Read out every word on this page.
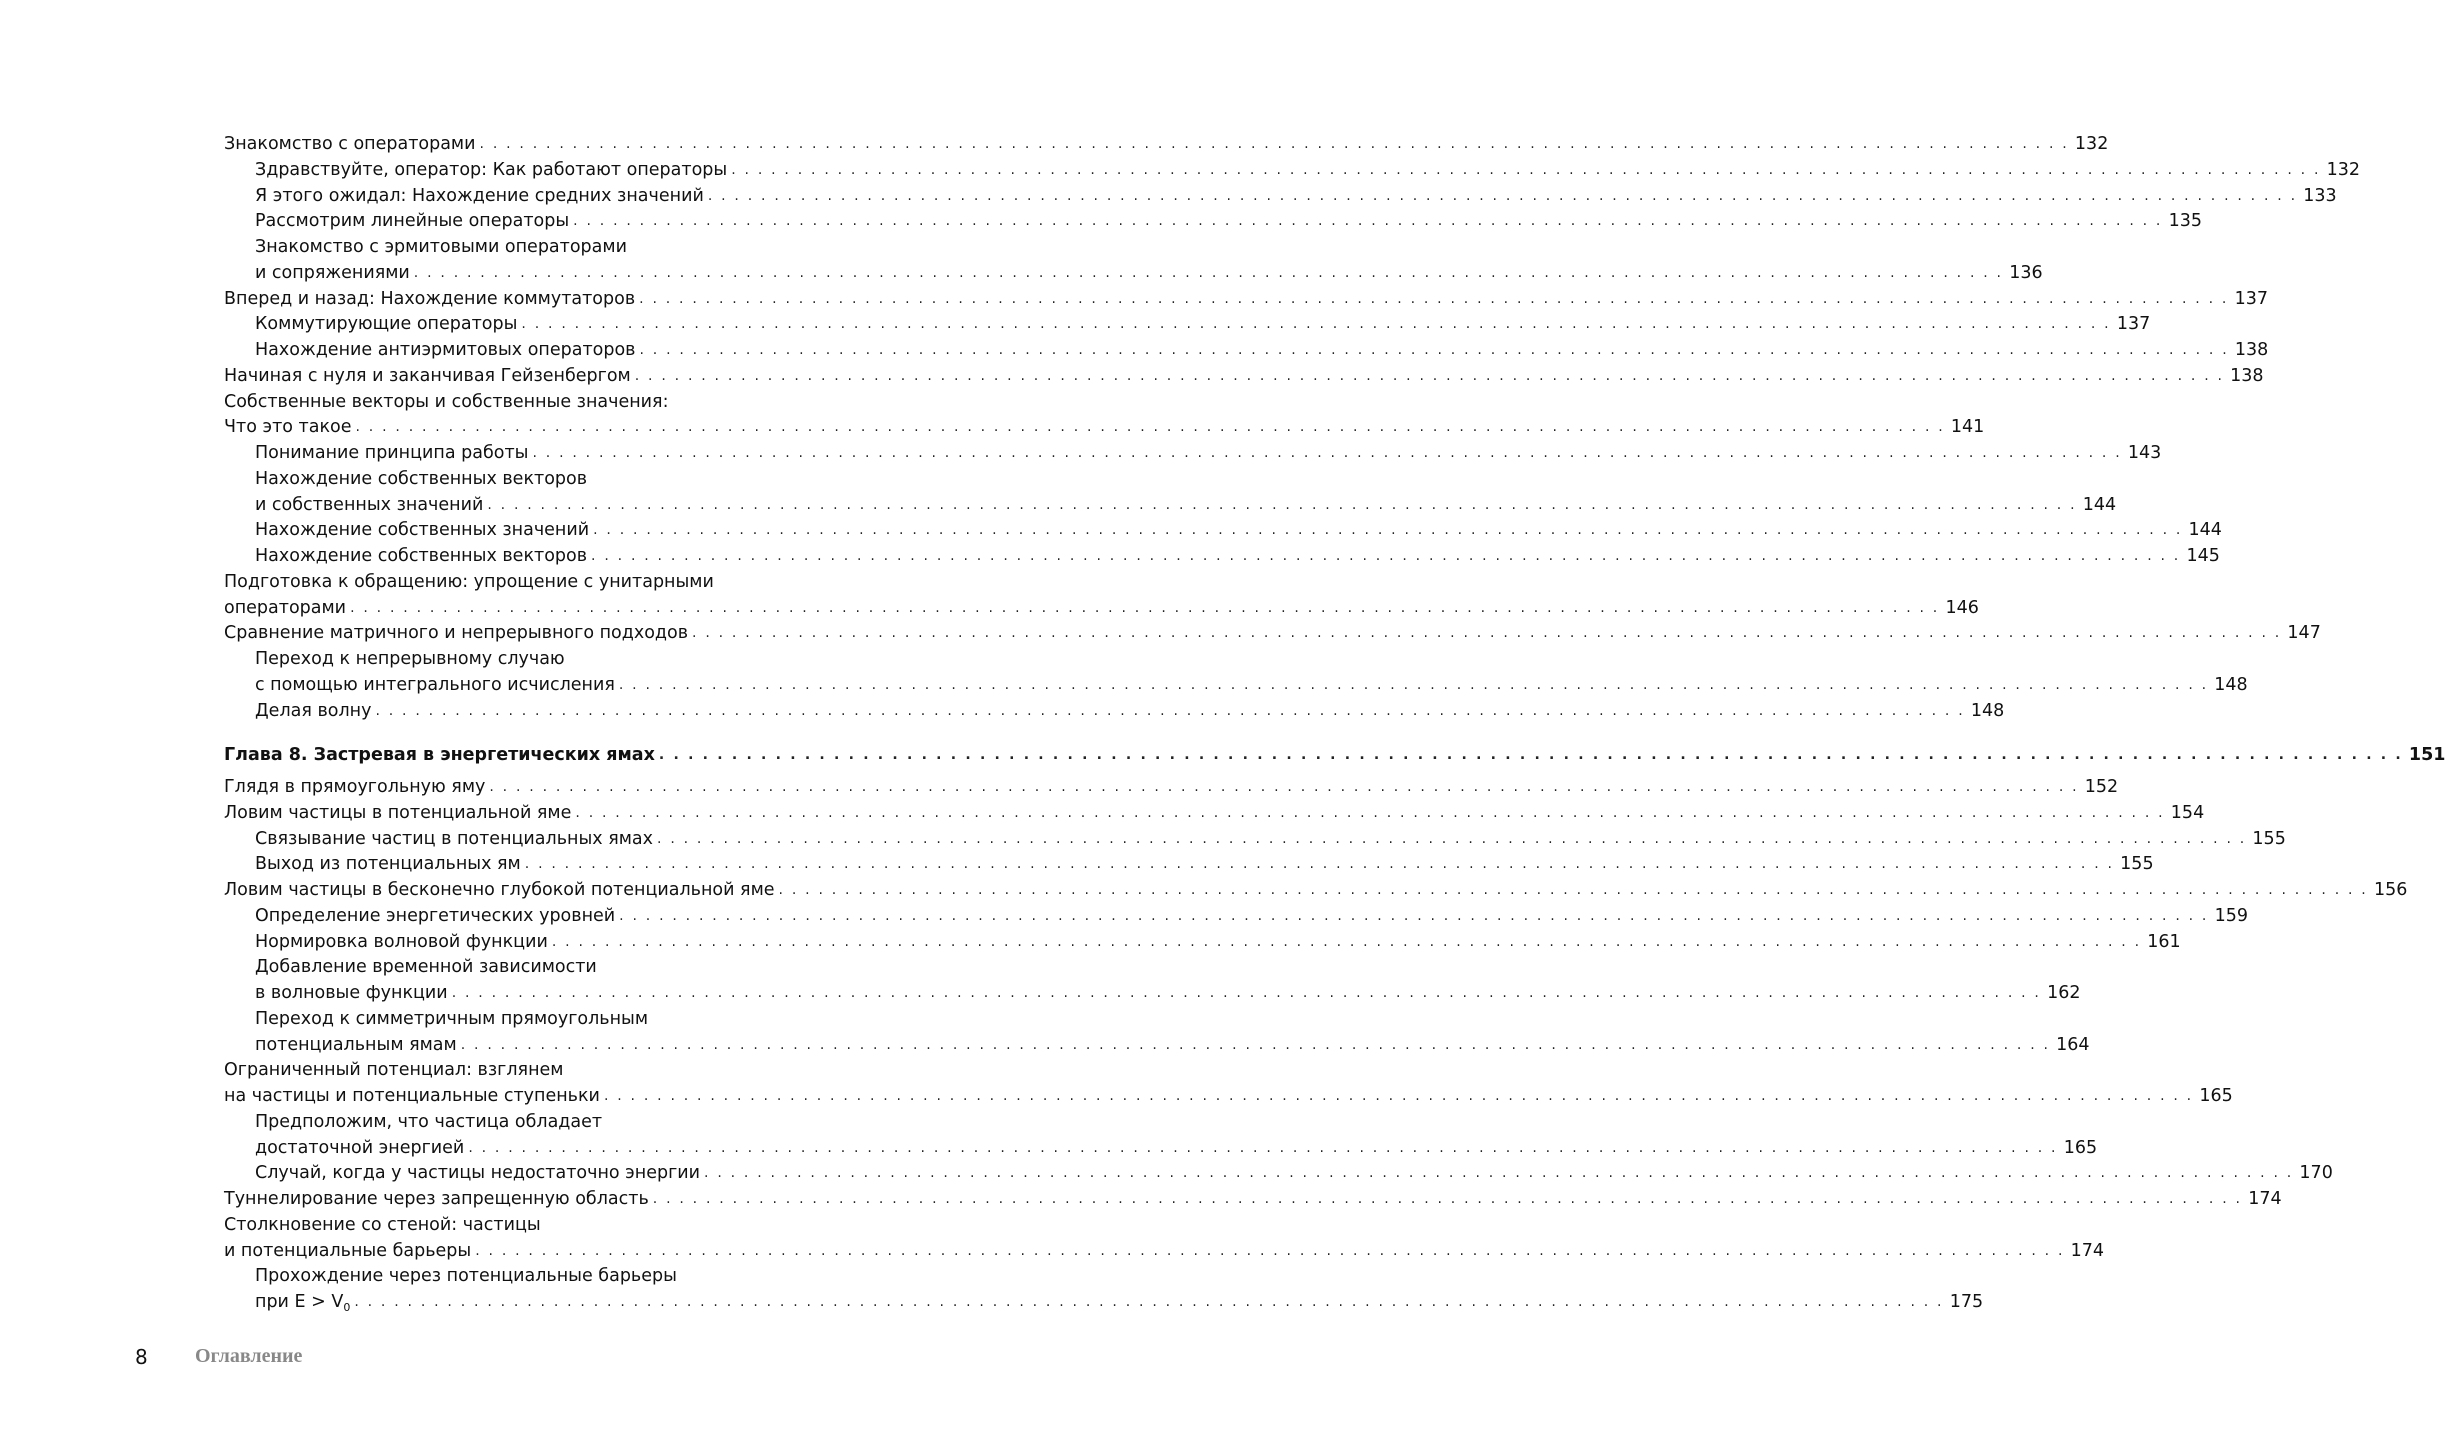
Знакомство с операторами . . . . . . . . . . . . . . . . . . . . . . . . . . . . . . . . . . . . . . . . . . . . . . . . . . . . . . . . . . . . . . . . . . . . . . . . . . . . . . . . . . . . . . . . . . . . . . . . . . . . . . . . . . . . . . . . . . . . . . . . 132
Здравствуйте, оператор: Как работают операторы . . . . . . . . . . . . . . . . . . . . . . . . . . . . . . . . . . . . . . . . . . . . . . . . . . . . . . . . . . . . . . . . . . . . . . . . . . . . . . . . . . . . . . . . . . . . . . . . . . . . . . . . . . . . . . . . . . . . . . . . 132
Я этого ожидал: Нахождение средних значений . . . . . . . . . . . . . . . . . . . . . . . . . . . . . . . . . . . . . . . . . . . . . . . . . . . . . . . . . . . . . . . . . . . . . . . . . . . . . . . . . . . . . . . . . . . . . . . . . . . . . . . . . . . . . . . . . . . . . . . . 133
Рассмотрим линейные операторы . . . . . . . . . . . . . . . . . . . . . . . . . . . . . . . . . . . . . . . . . . . . . . . . . . . . . . . . . . . . . . . . . . . . . . . . . . . . . . . . . . . . . . . . . . . . . . . . . . . . . . . . . . . . . . . . . . . . . . . . 135
Знакомство с эрмитовыми операторами
и сопряжениями . . . . . . . . . . . . . . . . . . . . . . . . . . . . . . . . . . . . . . . . . . . . . . . . . . . . . . . . . . . . . . . . . . . . . . . . . . . . . . . . . . . . . . . . . . . . . . . . . . . . . . . . . . . . . . . . . . . . . . . . 136
Вперед и назад: Нахождение коммутаторов . . . . . . . . . . . . . . . . . . . . . . . . . . . . . . . . . . . . . . . . . . . . . . . . . . . . . . . . . . . . . . . . . . . . . . . . . . . . . . . . . . . . . . . . . . . . . . . . . . . . . . . . . . . . . . . . . . . . . . . . 137
Коммутирующие операторы . . . . . . . . . . . . . . . . . . . . . . . . . . . . . . . . . . . . . . . . . . . . . . . . . . . . . . . . . . . . . . . . . . . . . . . . . . . . . . . . . . . . . . . . . . . . . . . . . . . . . . . . . . . . . . . . . . . . . . . . 137
Нахождение антиэрмитовых операторов . . . . . . . . . . . . . . . . . . . . . . . . . . . . . . . . . . . . . . . . . . . . . . . . . . . . . . . . . . . . . . . . . . . . . . . . . . . . . . . . . . . . . . . . . . . . . . . . . . . . . . . . . . . . . . . . . . . . . . . . 138
Начиная с нуля и заканчивая Гейзенбергом . . . . . . . . . . . . . . . . . . . . . . . . . . . . . . . . . . . . . . . . . . . . . . . . . . . . . . . . . . . . . . . . . . . . . . . . . . . . . . . . . . . . . . . . . . . . . . . . . . . . . . . . . . . . . . . . . . . . . . . . 138
Собственные векторы и собственные значения:
Что это такое . . . . . . . . . . . . . . . . . . . . . . . . . . . . . . . . . . . . . . . . . . . . . . . . . . . . . . . . . . . . . . . . . . . . . . . . . . . . . . . . . . . . . . . . . . . . . . . . . . . . . . . . . . . . . . . . . . . . . . . . 141
Понимание принципа работы . . . . . . . . . . . . . . . . . . . . . . . . . . . . . . . . . . . . . . . . . . . . . . . . . . . . . . . . . . . . . . . . . . . . . . . . . . . . . . . . . . . . . . . . . . . . . . . . . . . . . . . . . . . . . . . . . . . . . . . . 143
Нахождение собственных векторов
и собственных значений . . . . . . . . . . . . . . . . . . . . . . . . . . . . . . . . . . . . . . . . . . . . . . . . . . . . . . . . . . . . . . . . . . . . . . . . . . . . . . . . . . . . . . . . . . . . . . . . . . . . . . . . . . . . . . . . . . . . . . . . 144
Нахождение собственных значений . . . . . . . . . . . . . . . . . . . . . . . . . . . . . . . . . . . . . . . . . . . . . . . . . . . . . . . . . . . . . . . . . . . . . . . . . . . . . . . . . . . . . . . . . . . . . . . . . . . . . . . . . . . . . . . . . . . . . . . . 144
Нахождение собственных векторов . . . . . . . . . . . . . . . . . . . . . . . . . . . . . . . . . . . . . . . . . . . . . . . . . . . . . . . . . . . . . . . . . . . . . . . . . . . . . . . . . . . . . . . . . . . . . . . . . . . . . . . . . . . . . . . . . . . . . . . . 145
Подготовка к обращению: упрощение с унитарными
операторами . . . . . . . . . . . . . . . . . . . . . . . . . . . . . . . . . . . . . . . . . . . . . . . . . . . . . . . . . . . . . . . . . . . . . . . . . . . . . . . . . . . . . . . . . . . . . . . . . . . . . . . . . . . . . . . . . . . . . . . . 146
Сравнение матричного и непрерывного подходов . . . . . . . . . . . . . . . . . . . . . . . . . . . . . . . . . . . . . . . . . . . . . . . . . . . . . . . . . . . . . . . . . . . . . . . . . . . . . . . . . . . . . . . . . . . . . . . . . . . . . . . . . . . . . . . . . . . . . . . . 147
Переход к непрерывному случаю
с помощью интегрального исчисления . . . . . . . . . . . . . . . . . . . . . . . . . . . . . . . . . . . . . . . . . . . . . . . . . . . . . . . . . . . . . . . . . . . . . . . . . . . . . . . . . . . . . . . . . . . . . . . . . . . . . . . . . . . . . . . . . . . . . . . . 148
Делая волну . . . . . . . . . . . . . . . . . . . . . . . . . . . . . . . . . . . . . . . . . . . . . . . . . . . . . . . . . . . . . . . . . . . . . . . . . . . . . . . . . . . . . . . . . . . . . . . . . . . . . . . . . . . . . . . . . . . . . . . . 148
Глава 8. Застревая в энергетических ямах . . . . . . . . . . . . . . . . . . . . . . . . . . . . . . . . . . . . . . . . . . . . . . . . . . . . . . . . . . . . . . . . . . . . . . . . . . . . . . . . . . . . . . . . . . . . . . . . . . . . . . . . . . . . . . . . . . . . . . . . 151
Глядя в прямоугольную яму . . . . . . . . . . . . . . . . . . . . . . . . . . . . . . . . . . . . . . . . . . . . . . . . . . . . . . . . . . . . . . . . . . . . . . . . . . . . . . . . . . . . . . . . . . . . . . . . . . . . . . . . . . . . . . . . . . . . . . . . 152
Ловим частицы в потенциальной яме . . . . . . . . . . . . . . . . . . . . . . . . . . . . . . . . . . . . . . . . . . . . . . . . . . . . . . . . . . . . . . . . . . . . . . . . . . . . . . . . . . . . . . . . . . . . . . . . . . . . . . . . . . . . . . . . . . . . . . . . 154
Связывание частиц в потенциальных ямах . . . . . . . . . . . . . . . . . . . . . . . . . . . . . . . . . . . . . . . . . . . . . . . . . . . . . . . . . . . . . . . . . . . . . . . . . . . . . . . . . . . . . . . . . . . . . . . . . . . . . . . . . . . . . . . . . . . . . . . . 155
Выход из потенциальных ям . . . . . . . . . . . . . . . . . . . . . . . . . . . . . . . . . . . . . . . . . . . . . . . . . . . . . . . . . . . . . . . . . . . . . . . . . . . . . . . . . . . . . . . . . . . . . . . . . . . . . . . . . . . . . . . . . . . . . . . . 155
Ловим частицы в бесконечно глубокой потенциальной яме . . . . . . . . . . . . . . . . . . . . . . . . . . . . . . . . . . . . . . . . . . . . . . . . . . . . . . . . . . . . . . . . . . . . . . . . . . . . . . . . . . . . . . . . . . . . . . . . . . . . . . . . . . . . . . . . . . . . . . . . 156
Определение энергетических уровней . . . . . . . . . . . . . . . . . . . . . . . . . . . . . . . . . . . . . . . . . . . . . . . . . . . . . . . . . . . . . . . . . . . . . . . . . . . . . . . . . . . . . . . . . . . . . . . . . . . . . . . . . . . . . . . . . . . . . . . . 159
Нормировка волновой функции . . . . . . . . . . . . . . . . . . . . . . . . . . . . . . . . . . . . . . . . . . . . . . . . . . . . . . . . . . . . . . . . . . . . . . . . . . . . . . . . . . . . . . . . . . . . . . . . . . . . . . . . . . . . . . . . . . . . . . . . 161
Добавление временной зависимости
в волновые функции . . . . . . . . . . . . . . . . . . . . . . . . . . . . . . . . . . . . . . . . . . . . . . . . . . . . . . . . . . . . . . . . . . . . . . . . . . . . . . . . . . . . . . . . . . . . . . . . . . . . . . . . . . . . . . . . . . . . . . . . 162
Переход к симметричным прямоугольным
потенциальным ямам . . . . . . . . . . . . . . . . . . . . . . . . . . . . . . . . . . . . . . . . . . . . . . . . . . . . . . . . . . . . . . . . . . . . . . . . . . . . . . . . . . . . . . . . . . . . . . . . . . . . . . . . . . . . . . . . . . . . . . . . 164
Ограниченный потенциал: взглянем
на частицы и потенциальные ступеньки . . . . . . . . . . . . . . . . . . . . . . . . . . . . . . . . . . . . . . . . . . . . . . . . . . . . . . . . . . . . . . . . . . . . . . . . . . . . . . . . . . . . . . . . . . . . . . . . . . . . . . . . . . . . . . . . . . . . . . . . 165
Предположим, что частица обладает
достаточной энергией . . . . . . . . . . . . . . . . . . . . . . . . . . . . . . . . . . . . . . . . . . . . . . . . . . . . . . . . . . . . . . . . . . . . . . . . . . . . . . . . . . . . . . . . . . . . . . . . . . . . . . . . . . . . . . . . . . . . . . . . 165
Случай, когда у частицы недостаточно энергии . . . . . . . . . . . . . . . . . . . . . . . . . . . . . . . . . . . . . . . . . . . . . . . . . . . . . . . . . . . . . . . . . . . . . . . . . . . . . . . . . . . . . . . . . . . . . . . . . . . . . . . . . . . . . . . . . . . . . . . . 170
Туннелирование через запрещенную область . . . . . . . . . . . . . . . . . . . . . . . . . . . . . . . . . . . . . . . . . . . . . . . . . . . . . . . . . . . . . . . . . . . . . . . . . . . . . . . . . . . . . . . . . . . . . . . . . . . . . . . . . . . . . . . . . . . . . . . . 174
Столкновение со стеной: частицы
и потенциальные барьеры . . . . . . . . . . . . . . . . . . . . . . . . . . . . . . . . . . . . . . . . . . . . . . . . . . . . . . . . . . . . . . . . . . . . . . . . . . . . . . . . . . . . . . . . . . . . . . . . . . . . . . . . . . . . . . . . . . . . . . . . 174
Прохождение через потенциальные барьеры
при $E > V_0$ . . . . . . . . . . . . . . . . . . . . . . . . . . . . . . . . . . . . . . . . . . . . . . . . . . . . . . . . . . . . . . . . . . . . . . . . . . . . . . . . . . . . . . . . . . . . . . . . . . . . . . . . . . . . . . . . . . . . . . . . 175
8 Оглавление
